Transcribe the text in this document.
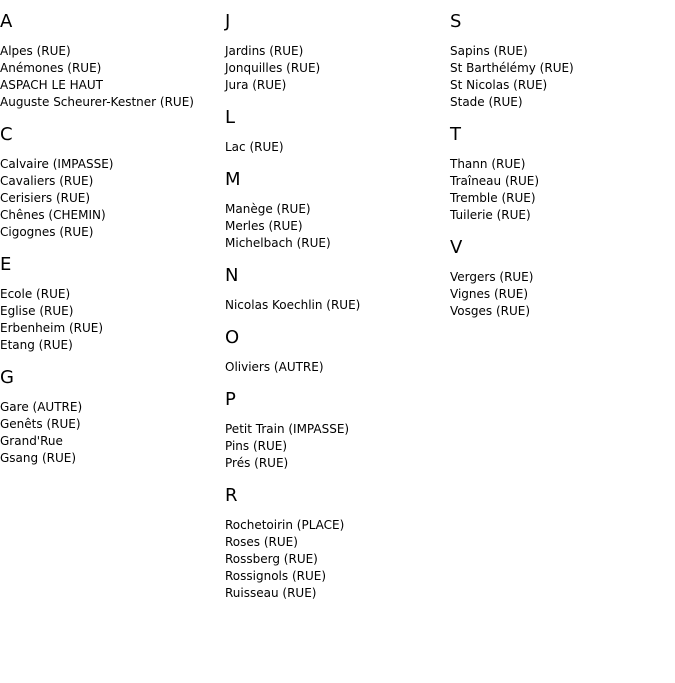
A
Alpes (RUE)
Anémones (RUE)
ASPACH LE HAUT
Auguste Scheurer-Kestner (RUE)
C
Calvaire (IMPASSE)
Cavaliers (RUE)
Cerisiers (RUE)
Chênes (CHEMIN)
Cigognes (RUE)
E
Ecole (RUE)
Eglise (RUE)
Erbenheim (RUE)
Etang (RUE)
G
Gare (AUTRE)
Genêts (RUE)
Grand'Rue
Gsang (RUE)
J
Jardins (RUE)
Jonquilles (RUE)
Jura (RUE)
L
Lac (RUE)
M
Manège (RUE)
Merles (RUE)
Michelbach (RUE)
N
Nicolas Koechlin (RUE)
O
Oliviers (AUTRE)
P
Petit Train (IMPASSE)
Pins (RUE)
Prés (RUE)
R
Rochetoirin (PLACE)
Roses (RUE)
Rossberg (RUE)
Rossignols (RUE)
Ruisseau (RUE)
S
Sapins (RUE)
St Barthélémy (RUE)
St Nicolas (RUE)
Stade (RUE)
T
Thann (RUE)
Traîneau (RUE)
Tremble (RUE)
Tuilerie (RUE)
V
Vergers (RUE)
Vignes (RUE)
Vosges (RUE)
